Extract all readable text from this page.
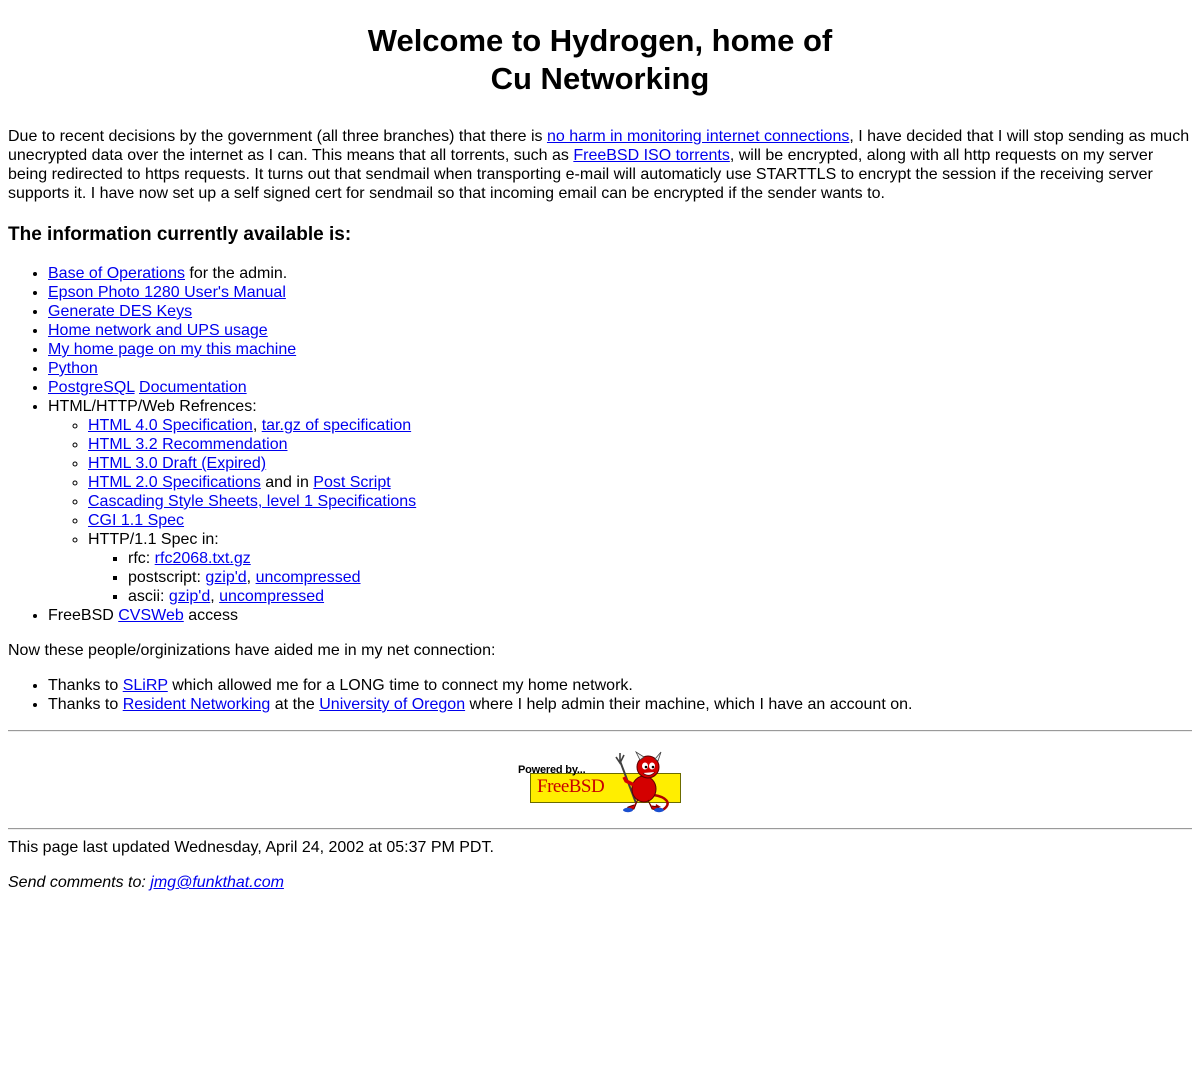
Welcome to Hydrogen, home of
Cu Networking

Due to recent decisions by the government (all three branches) that there is no harm in monitoring internet connections, I have decided that I will stop sending as much unecrypted data over the internet as I can. This means that all torrents, such as FreeBSD ISO torrents, will be encrypted, along with all http requests on my server being redirected to https requests. It turns out that sendmail when transporting e-mail will automaticly use STARTTLS to encrypt the session if the receiving server supports it. I have now set up a self signed cert for sendmail so that incoming email can be encrypted if the sender wants to.

The information currently available is:
• Base of Operations for the admin.
• Epson Photo 1280 User's Manual
• Generate DES Keys
• Home network and UPS usage
• My home page on my this machine
• Python
• PostgreSQL Documentation
• HTML/HTTP/Web Refrences:
◦ HTML 4.0 Specification, tar.gz of specification
◦ HTML 3.2 Recommendation
◦ HTML 3.0 Draft (Expired)
◦ HTML 2.0 Specifications and in Post Script
◦ Cascading Style Sheets, level 1 Specifications
◦ CGI 1.1 Spec
◦ HTTP/1.1 Spec in:
▪ rfc: rfc2068.txt.gz
▪ postscript: gzip'd, uncompressed
▪ ascii: gzip'd, uncompressed
• FreeBSD CVSWeb access

Now these people/orginizations have aided me in my net connection:

• Thanks to SLiRP which allowed me for a LONG time to connect my home network.
• Thanks to Resident Networking at the University of Oregon where I help admin their machine, which I have an account on.
Powered by...
FreeBSD

This page last updated Wednesday, April 24, 2002 at 05:37 PM PDT.

Send comments to: jmg@funkthat.com
